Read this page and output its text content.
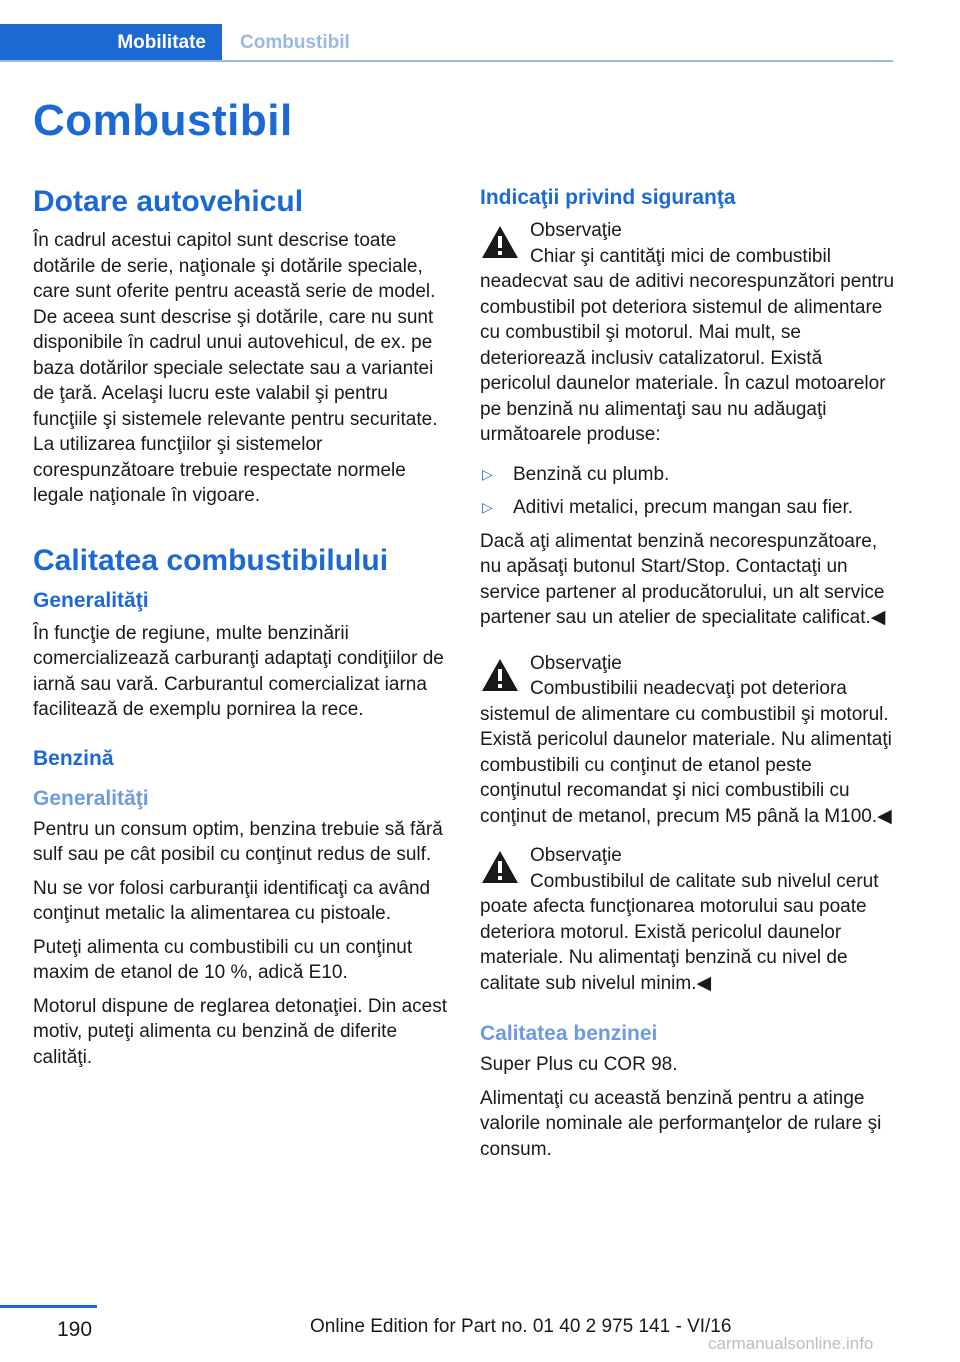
Mobilitate	Combustibil
Combustibil
Dotare autovehicul

În cadrul acestui capitol sunt descrise toate dotările de serie, naţionale şi dotările speciale, care sunt oferite pentru această serie de model. De aceea sunt descrise şi dotările, care nu sunt disponibile în cadrul unui autovehicul, de ex. pe baza dotărilor speciale selectate sau a variantei de ţară. Acelaşi lucru este valabil şi pentru funcţiile şi sistemele relevante pentru securitate. La utilizarea funcţiilor şi sistemelor corespunzătoare trebuie respectate normele legale naţionale în vigoare.

Calitatea combustibilului
Generalităţi

În funcţie de regiune, multe benzinării comercializează carburanţi adaptaţi condiţiilor de iarnă sau vară. Carburantul comercializat iarna facilitează de exemplu pornirea la rece.

Benzină
Generalităţi

Pentru un consum optim, benzina trebuie să fără sulf sau pe cât posibil cu conţinut redus de sulf.

Nu se vor folosi carburanţii identificaţi ca având conţinut metalic la alimentarea cu pistoale.

Puteţi alimenta cu combustibili cu un conţinut maxim de etanol de 10 %, adică E10.

Motorul dispune de reglarea detonaţiei. Din acest motiv, puteţi alimenta cu benzină de diferite calităţi.

Indicaţii privind siguranţa
Observaţie
Chiar şi cantităţi mici de combustibil neadecvat sau de aditivi necorespunzători pentru combustibil pot deteriora sistemul de alimentare cu combustibil şi motorul. Mai mult, se deteriorează inclusiv catalizatorul. Există pericolul daunelor materiale. În cazul motoarelor pe benzină nu alimentaţi sau nu adăugaţi următoarele produse:
▷ Benzină cu plumb.
▷ Aditivi metalici, precum mangan sau fier.

Dacă aţi alimentat benzină necorespunzătoare, nu apăsaţi butonul Start/Stop. Contactaţi un service partener al producătorului, un alt service partener sau un atelier de specialitate calificat.◀

Observaţie
Combustibilii neadecvaţi pot deteriora sistemul de alimentare cu combustibil şi motorul. Există pericolul daunelor materiale. Nu alimentaţi combustibili cu conţinut de etanol peste conţinutul recomandat şi nici combustibili cu conţinut de metanol, precum M5 până la M100.◀
Observaţie
Combustibilul de calitate sub nivelul cerut poate afecta funcţionarea motorului sau poate deteriora motorul. Există pericolul daunelor materiale. Nu alimentaţi benzină cu nivel de calitate sub nivelul minim.◀
Calitatea benzinei

Super Plus cu COR 98.

Alimentaţi cu această benzină pentru a atinge valorile nominale ale performanţelor de rulare şi consum.

190	Online Edition for Part no. 01 40 2 975 141 - VI/16
carmanualsonline.info
